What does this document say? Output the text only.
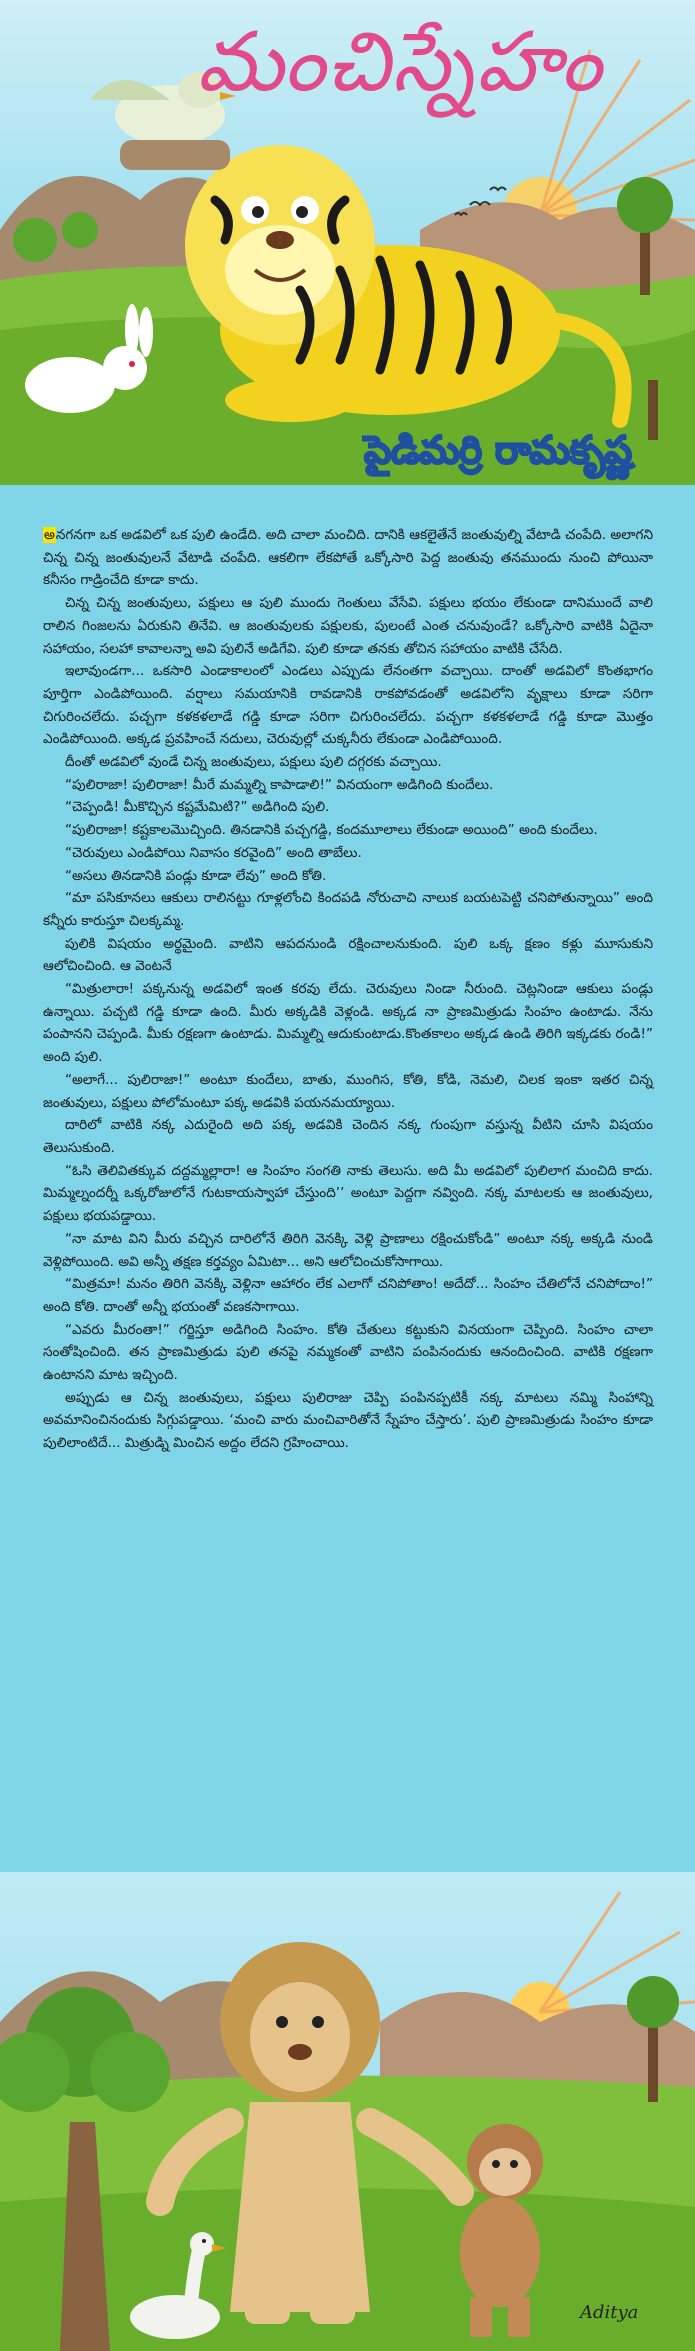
మంచిస్నేహం
పైడిమర్రి రామకృష్ణ

అనగనగా ఒక అడవిలో ఒక పులి ఉండేది. అది చాలా మంచిది. దానికి ఆకలైతేనే జంతువుల్ని వేటాడి చంపేది. అలాగని చిన్న చిన్న జంతువులనే వేటాడి చంపేది. ఆకలిగా లేకపోతే ఒక్కోసారి పెద్ద జంతువు తనముందు నుంచి పోయినా కనీసం గాడ్రించేది కూడా కాదు.

చిన్న చిన్న జంతువులు, పక్షులు ఆ పులి ముందు గెంతులు వేసేవి. పక్షులు భయం లేకుండా దానిముందే వాలి రాలిన గింజలను ఏరుకుని తినేవి. ఆ జంతువులకు పక్షులకు, పులంటే ఎంత చనువుండే? ఒక్కోసారి వాటికి ఏదైనా సహాయం, సలహా కావాలన్నా అవి పులినే అడిగేవి. పులి కూడా తనకు తోచిన సహాయం వాటికి చేసేది.

ఇలావుండగా... ఒకసారి ఎండాకాలంలో ఎండలు ఎప్పుడు లేనంతగా వచ్చాయి. దాంతో అడవిలో కొంతభాగం పూర్తిగా ఎండిపోయింది. వర్షాలు సమయానికి రావడానికి రాకపోవడంతో అడవిలోని వృక్షాలు కూడా సరిగా చిగురించలేదు. పచ్చగా కళకళలాడే గడ్డి కూడా సరిగా చిగురించలేదు. పచ్చగా కళకళలాడే గడ్డి కూడా మొత్తం ఎండిపోయింది. అక్కడ ప్రవహించే నదులు, చెరువుల్లో చుక్కనీరు లేకుండా ఎండిపోయింది.

దీంతో అడవిలో వుండే చిన్న జంతువులు, పక్షులు పులి దగ్గరకు వచ్చాయి.

“పులిరాజా! పులిరాజా! మీరే మమ్మల్ని కాపాడాలి!” వినయంగా అడిగింది కుందేలు.

“చెప్పండి! మీకొచ్చిన కష్టమేమిటి?” అడిగింది పులి.

“పులిరాజా! కష్టకాలమొచ్చింది. తినడానికి పచ్చగడ్డి, కందమూలాలు లేకుండా అయింది” అంది కుందేలు.

“చెరువులు ఎండిపోయి నివాసం కరవైంది” అంది తాబేలు.

“అసలు తినడానికి పండ్లు కూడా లేవు” అంది కోతి.

“మా పసికూనలు ఆకులు రాలినట్టు గూళ్లలోంచి కిందపడి నోరుచాచి నాలుక బయటపెట్టి చనిపోతున్నాయి” అంది కన్నీరు కారుస్తూ చిలక్కమ్మ.

పులికి విషయం అర్థమైంది. వాటిని ఆపదనుండి రక్షించాలనుకుంది. పులి ఒక్క క్షణం కళ్లు మూసుకుని ఆలోచించింది. ఆ వెంటనే

“మిత్రులారా! పక్కనున్న అడవిలో ఇంత కరవు లేదు. చెరువులు నిండా నీరుంది. చెట్లనిండా ఆకులు పండ్లు ఉన్నాయి. పచ్చటి గడ్డి కూడా ఉంది. మీరు అక్కడికి వెళ్లండి. అక్కడ నా ప్రాణమిత్రుడు సింహం ఉంటాడు. నేను పంపానని చెప్పండి. మీకు రక్షణగా ఉంటాడు. మిమ్మల్ని ఆదుకుంటాడు.కొంతకాలం అక్కడ ఉండి తిరిగి ఇక్కడకు రండి!” అంది పులి.

“అలాగే... పులిరాజా!” అంటూ కుందేలు, బాతు, ముంగిస, కోతి, కోడి, నెమలి, చిలక ఇంకా ఇతర చిన్న జంతువులు, పక్షులు పోలోమంటూ పక్క అడవికి పయనమయ్యాయి.

దారిలో వాటికి నక్క ఎదురైంది అది పక్క అడవికి చెందిన నక్క గుంపుగా వస్తున్న వీటిని చూసి విషయం తెలుసుకుంది.

“ఓసి తెలివితక్కువ దద్దమ్మల్లారా! ఆ సింహం సంగతి నాకు తెలుసు. అది మీ అడవిలో పులిలాగ మంచిది కాదు. మిమ్మల్నందర్నీ ఒక్కరోజులోనే గుటకాయస్వాహా చేస్తుంది’’ అంటూ పెద్దగా నవ్వింది. నక్క మాటలకు ఆ జంతువులు, పక్షులు భయపడ్డాయి.

“నా మాట విని మీరు వచ్చిన దారిలోనే తిరిగి వెనక్కి వెళ్లి ప్రాణాలు రక్షించుకోండి” అంటూ నక్క అక్కడి నుండి వెళ్లిపోయింది. అవి అన్నీ తక్షణ కర్తవ్యం ఏమిటా... అని ఆలోచించుకోసాగాయి.

“మిత్రమా! మనం తిరిగి వెనక్కి వెళ్లినా ఆహారం లేక ఎలాగో చనిపోతాం! అదేదో... సింహం చేతిలోనే చనిపోదాం!” అంది కోతి. దాంతో అన్నీ భయంతో వణకసాగాయి.

“ఎవరు మీరంతా!” గర్జిస్తూ అడిగింది సింహం. కోతి చేతులు కట్టుకుని వినయంగా చెప్పింది. సింహం చాలా సంతోషించింది. తన ప్రాణమిత్రుడు పులి తనపై నమ్మకంతో వాటిని పంపినందుకు ఆనందించింది. వాటికి రక్షణగా ఉంటానని మాట ఇచ్చింది.

అప్పుడు ఆ చిన్న జంతువులు, పక్షులు పులిరాజు చెప్పి పంపినప్పటికీ నక్క మాటలు నమ్మి సింహాన్ని అవమానించినందుకు సిగ్గుపడ్డాయి. ‘మంచి వారు మంచివారితోనే స్నేహం చేస్తారు’. పులి ప్రాణమిత్రుడు సింహం కూడా పులిలాంటిదే... మిత్రుడ్ని మించిన అద్దం లేదని గ్రహించాయి.

Aditya
